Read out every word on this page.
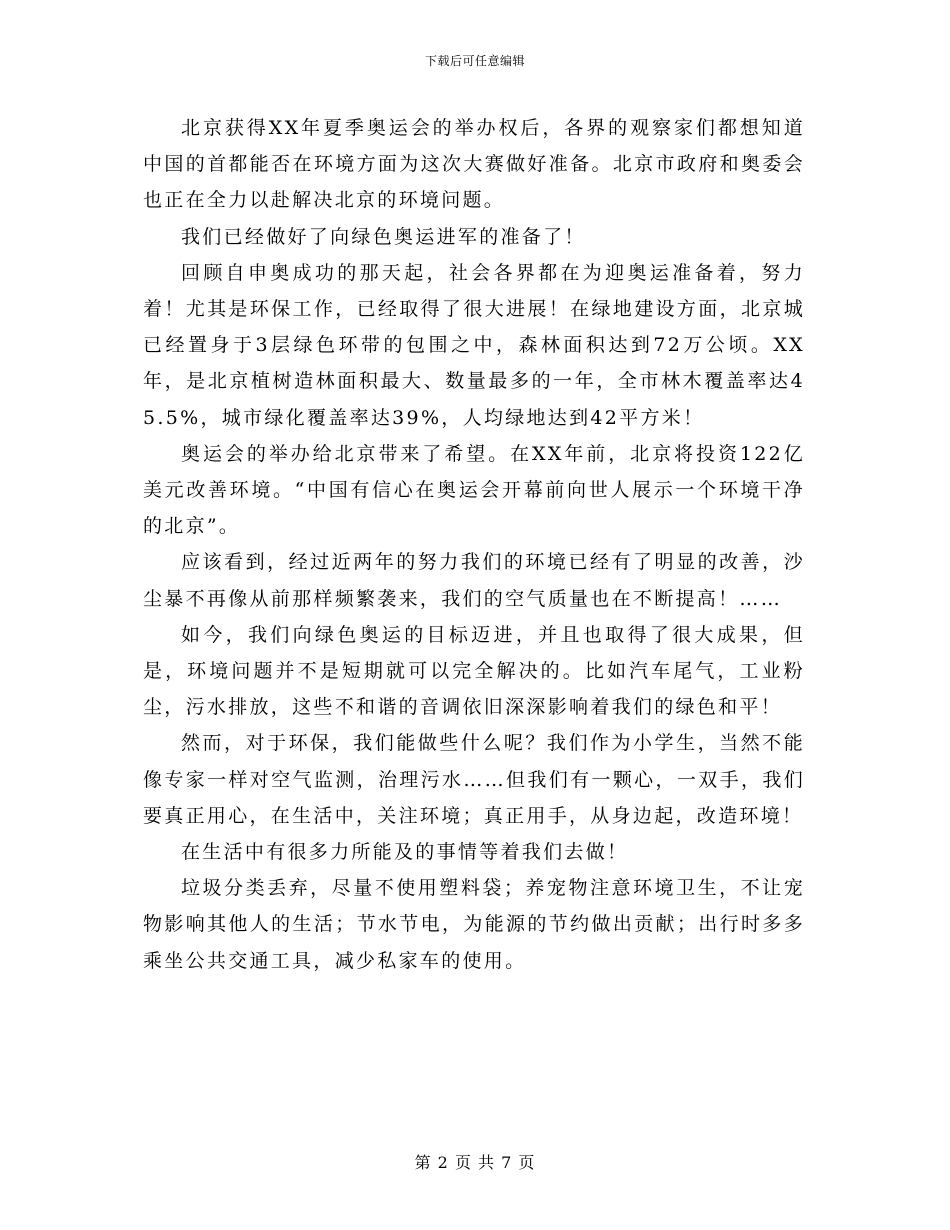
下载后可任意编辑

北京获得XX年夏季奥运会的举办权后，各界的观察家们都想知道中国的首都能否在环境方面为这次大赛做好准备。北京市政府和奥委会也正在全力以赴解决北京的环境问题。

我们已经做好了向绿色奥运进军的准备了！

回顾自申奥成功的那天起，社会各界都在为迎奥运准备着，努力着！尤其是环保工作，已经取得了很大进展！在绿地建设方面，北京城已经置身于3层绿色环带的包围之中，森林面积达到72万公顷。XX年，是北京植树造林面积最大、数量最多的一年，全市林木覆盖率达45.5%，城市绿化覆盖率达39%，人均绿地达到42平方米！

奥运会的举办给北京带来了希望。在XX年前，北京将投资122亿美元改善环境。“中国有信心在奥运会开幕前向世人展示一个环境干净的北京”。

应该看到，经过近两年的努力我们的环境已经有了明显的改善，沙尘暴不再像从前那样频繁袭来，我们的空气质量也在不断提高！……

如今，我们向绿色奥运的目标迈进，并且也取得了很大成果，但是，环境问题并不是短期就可以完全解决的。比如汽车尾气，工业粉尘，污水排放，这些不和谐的音调依旧深深影响着我们的绿色和平！

然而，对于环保，我们能做些什么呢？我们作为小学生，当然不能像专家一样对空气监测，治理污水……但我们有一颗心，一双手，我们要真正用心，在生活中，关注环境；真正用手，从身边起，改造环境！

在生活中有很多力所能及的事情等着我们去做！

垃圾分类丢弃，尽量不使用塑料袋；养宠物注意环境卫生，不让宠物影响其他人的生活；节水节电，为能源的节约做出贡献；出行时多多乘坐公共交通工具，减少私家车的使用。

第 2 页 共 7 页
